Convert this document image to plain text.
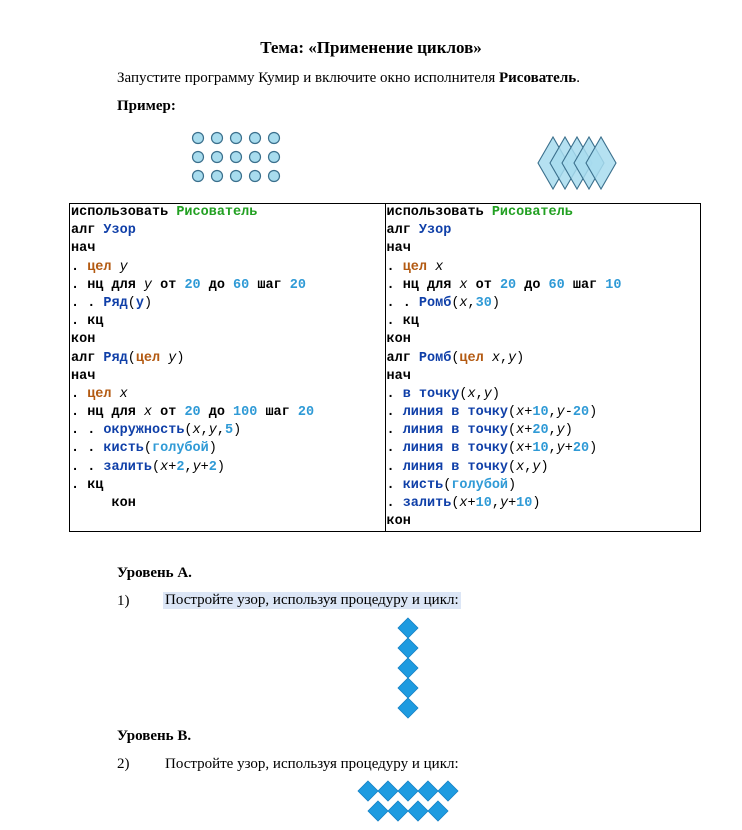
Тема: «Применение циклов»
Запустите программу Кумир и включите окно исполнителя Рисователь.
Пример:
использовать Рисователь
алг Узор
нач
. цел y
. нц для y от 20 до 60 шаг 20
. . Ряд(y)
. кц
кон
алг Ряд(цел y)
нач
. цел x
. нц для x от 20 до 100 шаг 20
. . окружность(x,y,5)
. . кисть(голубой)
. . залить(x+2,y+2)
. кц
кон

использовать Рисователь
алг Узор
нач
. цел x
. нц для x от 20 до 60 шаг 10
. . Ромб(x,30)
. кц
кон
алг Ромб(цел x,y)
нач
. в точку(x,y)
. линия в точку(x+10,y-20)
. линия в точку(x+20,y)
. линия в точку(x+10,y+20)
. линия в точку(x,y)
. кисть(голубой)
. залить(x+10,y+10)
кон
Уровень А.
1) Постройте узор, используя процедуру и цикл:
Уровень В.
2) Постройте узор, используя процедуру и цикл:
